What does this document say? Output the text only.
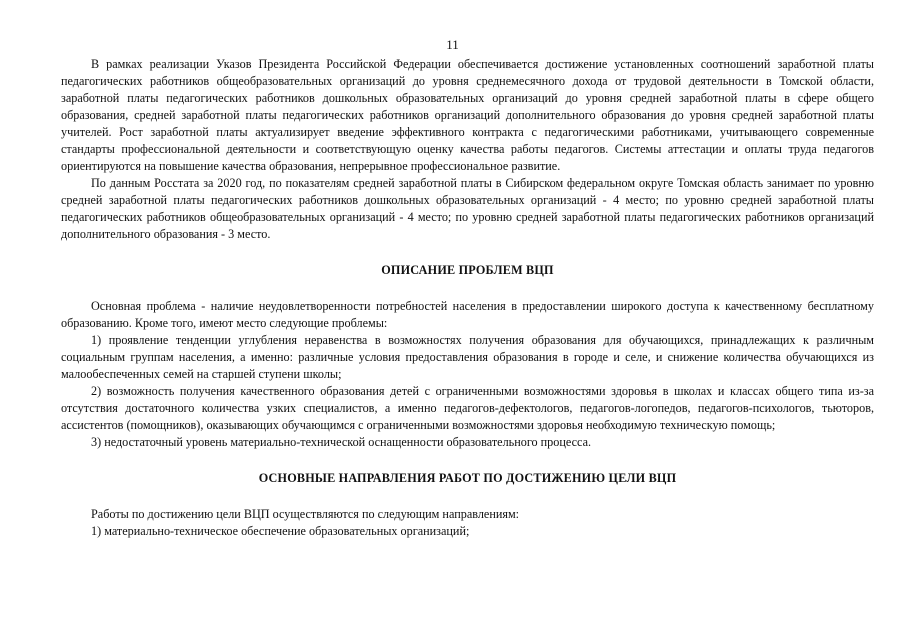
11

В рамках реализации Указов Президента Российской Федерации обеспечивается достижение установленных соотношений заработной платы педагогических работников общеобразовательных организаций до уровня среднемесячного дохода от трудовой деятельности в Томской области, заработной платы педагогических работников дошкольных образовательных организаций до уровня средней заработной платы в сфере общего образования, средней заработной платы педагогических работников организаций дополнительного образования до уровня средней заработной платы учителей. Рост заработной платы актуализирует введение эффективного контракта с педагогическими работниками, учитывающего современные стандарты профессиональной деятельности и соответствующую оценку качества работы педагогов. Системы аттестации и оплаты труда педагогов ориентируются на повышение качества образования, непрерывное профессиональное развитие.

По данным Росстата за 2020 год, по показателям средней заработной платы в Сибирском федеральном округе Томская область занимает по уровню средней заработной платы педагогических работников дошкольных образовательных организаций - 4 место; по уровню средней заработной платы педагогических работников общеобразовательных организаций - 4 место; по уровню средней заработной платы педагогических работников организаций дополнительного образования - 3 место.

ОПИСАНИЕ ПРОБЛЕМ ВЦП

Основная проблема - наличие неудовлетворенности потребностей населения в предоставлении широкого доступа к качественному бесплатному образованию. Кроме того, имеют место следующие проблемы:

1) проявление тенденции углубления неравенства в возможностях получения образования для обучающихся, принадлежащих к различным социальным группам населения, а именно: различные условия предоставления образования в городе и селе, и снижение количества обучающихся из малообеспеченных семей на старшей ступени школы;

2) возможность получения качественного образования детей с ограниченными возможностями здоровья в школах и классах общего типа из-за отсутствия достаточного количества узких специалистов, а именно педагогов-дефектологов, педагогов-логопедов, педагогов-психологов, тьюторов, ассистентов (помощников), оказывающих обучающимся с ограниченными возможностями здоровья необходимую техническую помощь;

3) недостаточный уровень материально-технической оснащенности образовательного процесса.

ОСНОВНЫЕ НАПРАВЛЕНИЯ РАБОТ ПО ДОСТИЖЕНИЮ ЦЕЛИ ВЦП

Работы по достижению цели ВЦП осуществляются по следующим направлениям:

1) материально-техническое обеспечение образовательных организаций;
